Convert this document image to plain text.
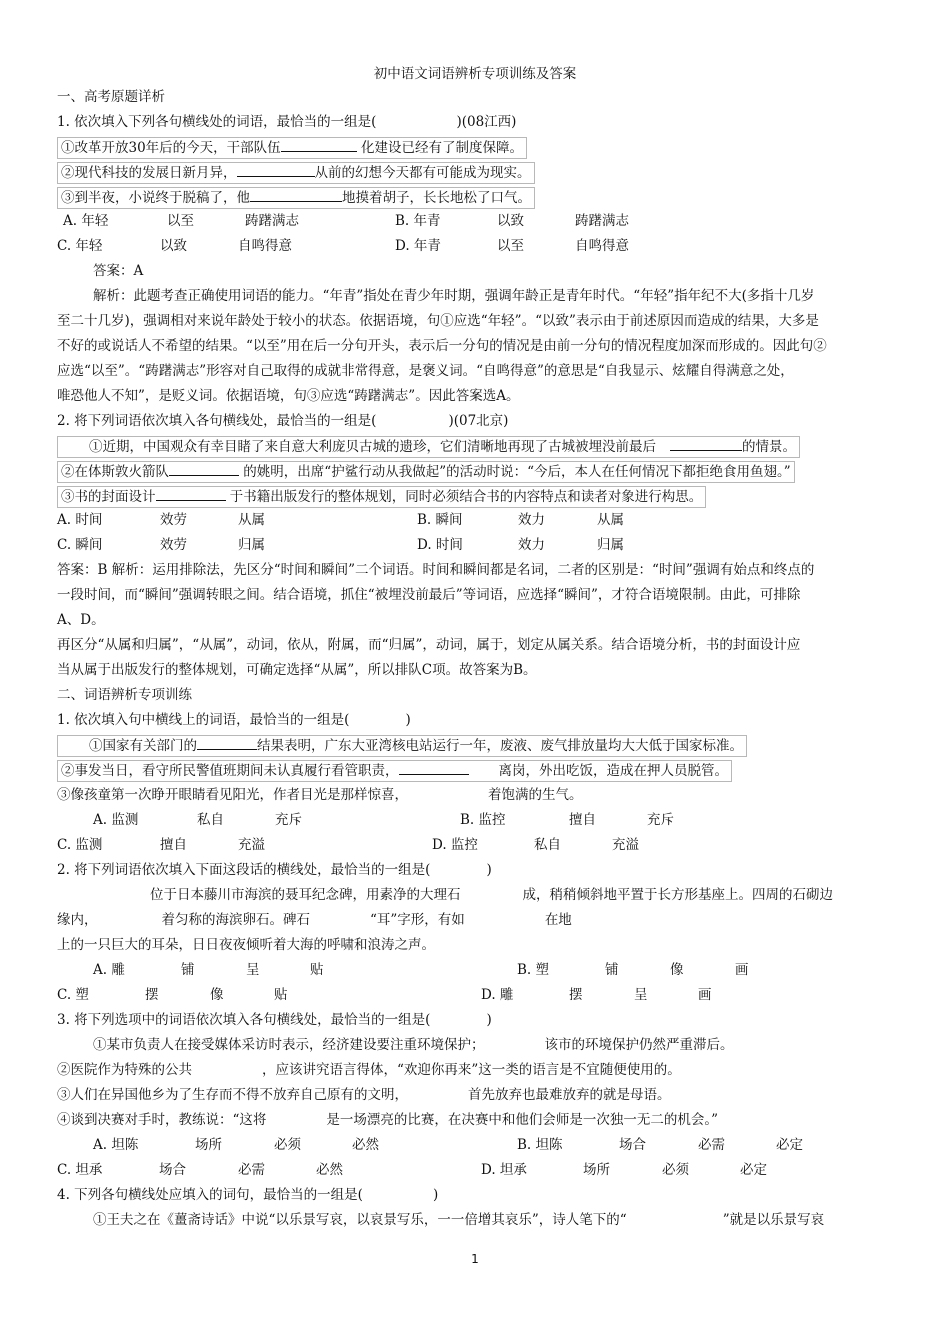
初中语文词语辨析专项训练及答案
一、高考原题详析
1. 依次填入下列各句横线处的词语，最恰当的一组是(	)(08江西)
①改革开放30年后的今天，干部队伍	化建设已经有了制度保障。
②现代科技的发展日新月异，	从前的幻想今天都有可能成为现实。
③到半夜，小说终于脱稿了，他	地摸着胡子，长长地松了口气。
A. 年轻	以至	踌躇满志	B. 年青	以致	踌躇满志
C. 年轻	以致	自鸣得意	D. 年青	以至	自鸣得意
答案：A
解析：此题考查正确使用词语的能力。“年青”指处在青少年时期，强调年龄正是青年时代。“年轻”指年纪不大(多指十几岁
至二十几岁)，强调相对来说年龄处于较小的状态。依据语境，句①应选“年轻”。“以致”表示由于前述原因而造成的结果，大多是
不好的或说话人不希望的结果。“以至”用在后一分句开头，表示后一分句的情况是由前一分句的情况程度加深而形成的。因此句②
应选“以至”。“踌躇满志”形容对自己取得的成就非常得意，是褒义词。“自鸣得意”的意思是“自我显示、炫耀自得满意之处，
唯恐他人不知”，是贬义词。依据语境，句③应选“踌躇满志”。因此答案选A。
2. 将下列词语依次填入各句横线处，最恰当的一组是(	)(07北京)
①近期，中国观众有幸目睹了来自意大利庞贝古城的遗珍，它们清晰地再现了古城被埋没前最后	的情景。
②在体斯敦火箭队	的姚明，出席“护鲨行动从我做起”的活动时说：“今后，本人在任何情况下都拒绝食用鱼翅。”
③书的封面设计	于书籍出版发行的整体规划，同时必须结合书的内容特点和读者对象进行构思。
A. 时间	效劳	从属	B. 瞬间	效力	从属
C. 瞬间	效劳	归属	D. 时间	效力	归属
答案：B 解析：运用排除法，先区分“时间和瞬间”二个词语。时间和瞬间都是名词，二者的区别是：“时间”强调有始点和终点的
一段时间，而“瞬间”强调转眼之间。结合语境，抓住“被埋没前最后”等词语，应选择“瞬间”，才符合语境限制。由此，可排除
A、D。
再区分“从属和归属”，“从属”，动词，依从，附属，而“归属”，动词，属于，划定从属关系。结合语境分析，书的封面设计应
当从属于出版发行的整体规划，可确定选择“从属”，所以排队C项。故答案为B。
二、词语辨析专项训练
1. 依次填入句中横线上的词语，最恰当的一组是(	)
①国家有关部门的	结果表明，广东大亚湾核电站运行一年，废液、废气排放量均大大低于国家标准。
②事发当日，看守所民警值班期间未认真履行看管职责，	离岗，外出吃饭，造成在押人员脱管。
③像孩童第一次睁开眼睛看见阳光，作者目光是那样惊喜，	着饱满的生气。
A. 监测	私自	充斥	B. 监控	擅自	充斥
C. 监测	擅自	充溢	D. 监控	私自	充溢
2. 将下列词语依次填入下面这段话的横线处，最恰当的一组是(	)
位于日本藤川市海滨的聂耳纪念碑，用素净的大理石	成，稍稍倾斜地平置于长方形基座上。四周的石砌边
缘内，	着匀称的海滨卵石。碑石	“耳”字形，有如	在地
上的一只巨大的耳朵，日日夜夜倾听着大海的呼啸和浪涛之声。
A. 雕	铺	呈	贴	B. 塑	铺	像	画
C. 塑	摆	像	贴	D. 雕	摆	呈	画
3. 将下列选项中的词语依次填入各句横线处，最恰当的一组是(	)
①某市负责人在接受媒体采访时表示，经济建设要注重环境保护；	该市的环境保护仍然严重滞后。
②医院作为特殊的公共	，应该讲究语言得体，“欢迎你再来”这一类的语言是不宜随便使用的。
③人们在异国他乡为了生存而不得不放弃自己原有的文明，	首先放弃也最难放弃的就是母语。
④谈到决赛对手时，教练说：“这将	是一场漂亮的比赛，在决赛中和他们会师是一次独一无二的机会。”
A. 坦陈	场所	必须	必然	B. 坦陈	场合	必需	必定
C. 坦承	场合	必需	必然	D. 坦承	场所	必须	必定
4. 下列各句横线处应填入的词句，最恰当的一组是(	)
①王夫之在《薑斋诗话》中说“以乐景写哀，以哀景写乐，一一倍增其哀乐”，诗人笔下的“	”就是以乐景写哀
1
